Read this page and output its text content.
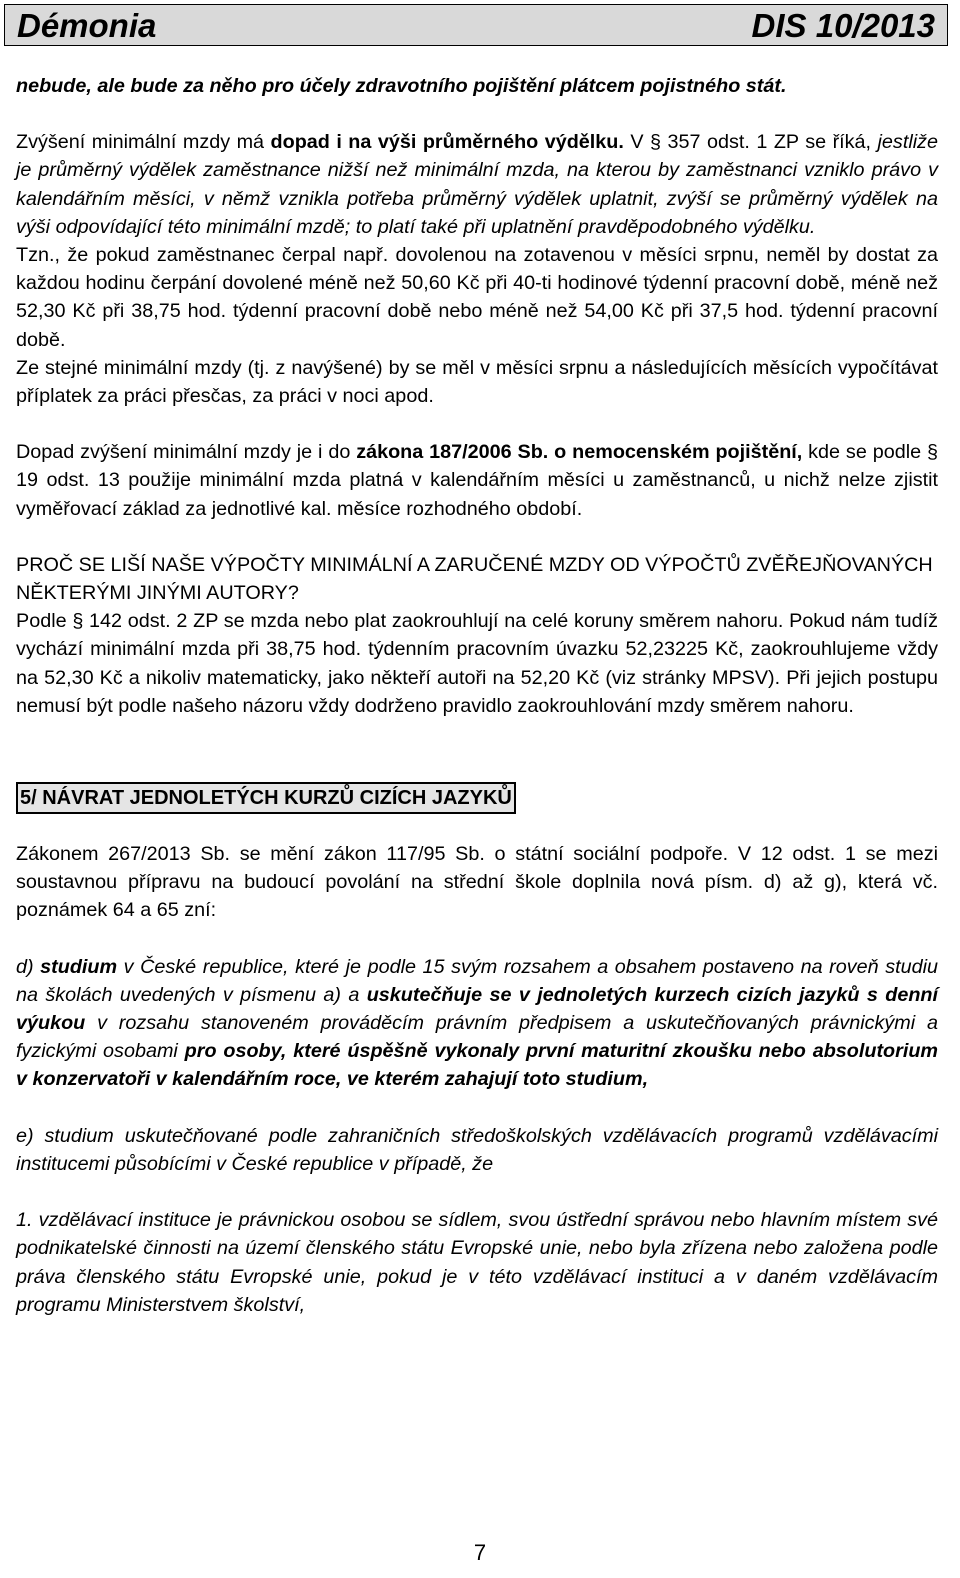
Démonia	DIS 10/2013

nebude, ale bude za něho pro účely zdravotního pojištění plátcem pojistného stát.

Zvýšení minimální mzdy má dopad i na výši průměrného výdělku. V § 357 odst. 1 ZP se říká, jestliže je průměrný výdělek zaměstnance nižší než minimální mzda, na kterou by zaměstnanci vzniklo právo v kalendářním měsíci, v němž vznikla potřeba průměrný výdělek uplatnit, zvýší se průměrný výdělek na výši odpovídající této minimální mzdě; to platí také při uplatnění pravděpodobného výdělku.

Tzn., že pokud zaměstnanec čerpal např. dovolenou na zotavenou v měsíci srpnu, neměl by dostat za každou hodinu čerpání dovolené méně než 50,60 Kč při 40-ti hodinové týdenní pracovní době, méně než 52,30 Kč při 38,75 hod. týdenní pracovní době nebo méně než 54,00 Kč při 37,5 hod. týdenní pracovní době.

Ze stejné minimální mzdy (tj. z navýšené) by se měl v měsíci srpnu a následujících měsících vypočítávat příplatek za práci přesčas, za práci v noci apod.

Dopad zvýšení minimální mzdy je i do zákona 187/2006 Sb. o nemocenském pojištění, kde se podle § 19 odst. 13 použije minimální mzda platná v kalendářním měsíci u zaměstnanců, u nichž nelze zjistit vyměřovací základ za jednotlivé kal. měsíce rozhodného období.

PROČ SE LIŠÍ NAŠE VÝPOČTY MINIMÁLNÍ A ZARUČENÉ MZDY OD VÝPOČTŮ ZVĚŘEJŇOVANÝCH NĚKTERÝMI JINÝMI AUTORY?

Podle § 142 odst. 2 ZP se mzda nebo plat zaokrouhlují na celé koruny směrem nahoru. Pokud nám tudíž vychází minimální mzda při 38,75 hod. týdenním pracovním úvazku 52,23225 Kč, zaokrouhlujeme vždy na 52,30 Kč a nikoliv matematicky, jako někteří autoři na 52,20 Kč (viz stránky MPSV). Při jejich postupu nemusí být podle našeho názoru vždy dodrženo pravidlo zaokrouhlování mzdy směrem nahoru.

5/ NÁVRAT JEDNOLETÝCH KURZŮ CIZÍCH JAZYKŮ

Zákonem 267/2013 Sb. se mění zákon 117/95 Sb. o státní sociální podpoře. V 12 odst. 1 se mezi soustavnou přípravu na budoucí povolání na střední škole doplnila nová písm. d) až g), která vč. poznámek 64 a 65 zní:

d) studium v České republice, které je podle 15 svým rozsahem a obsahem postaveno na roveň studiu na školách uvedených v písmenu a) a uskutečňuje se v jednoletých kurzech cizích jazyků s denní výukou v rozsahu stanoveném prováděcím právním předpisem a uskutečňovaných právnickými a fyzickými osobami pro osoby, které úspěšně vykonaly první maturitní zkoušku nebo absolutorium v konzervatoři v kalendářním roce, ve kterém zahajují toto studium,

e) studium uskutečňované podle zahraničních středoškolských vzdělávacích programů vzdělávacími institucemi působícími v České republice v případě, že

1. vzdělávací instituce je právnickou osobou se sídlem, svou ústřední správou nebo hlavním místem své podnikatelské činnosti na území členského státu Evropské unie, nebo byla zřízena nebo založena podle práva členského státu Evropské unie, pokud je v této vzdělávací instituci a v daném vzdělávacím programu Ministerstvem školství,

7
